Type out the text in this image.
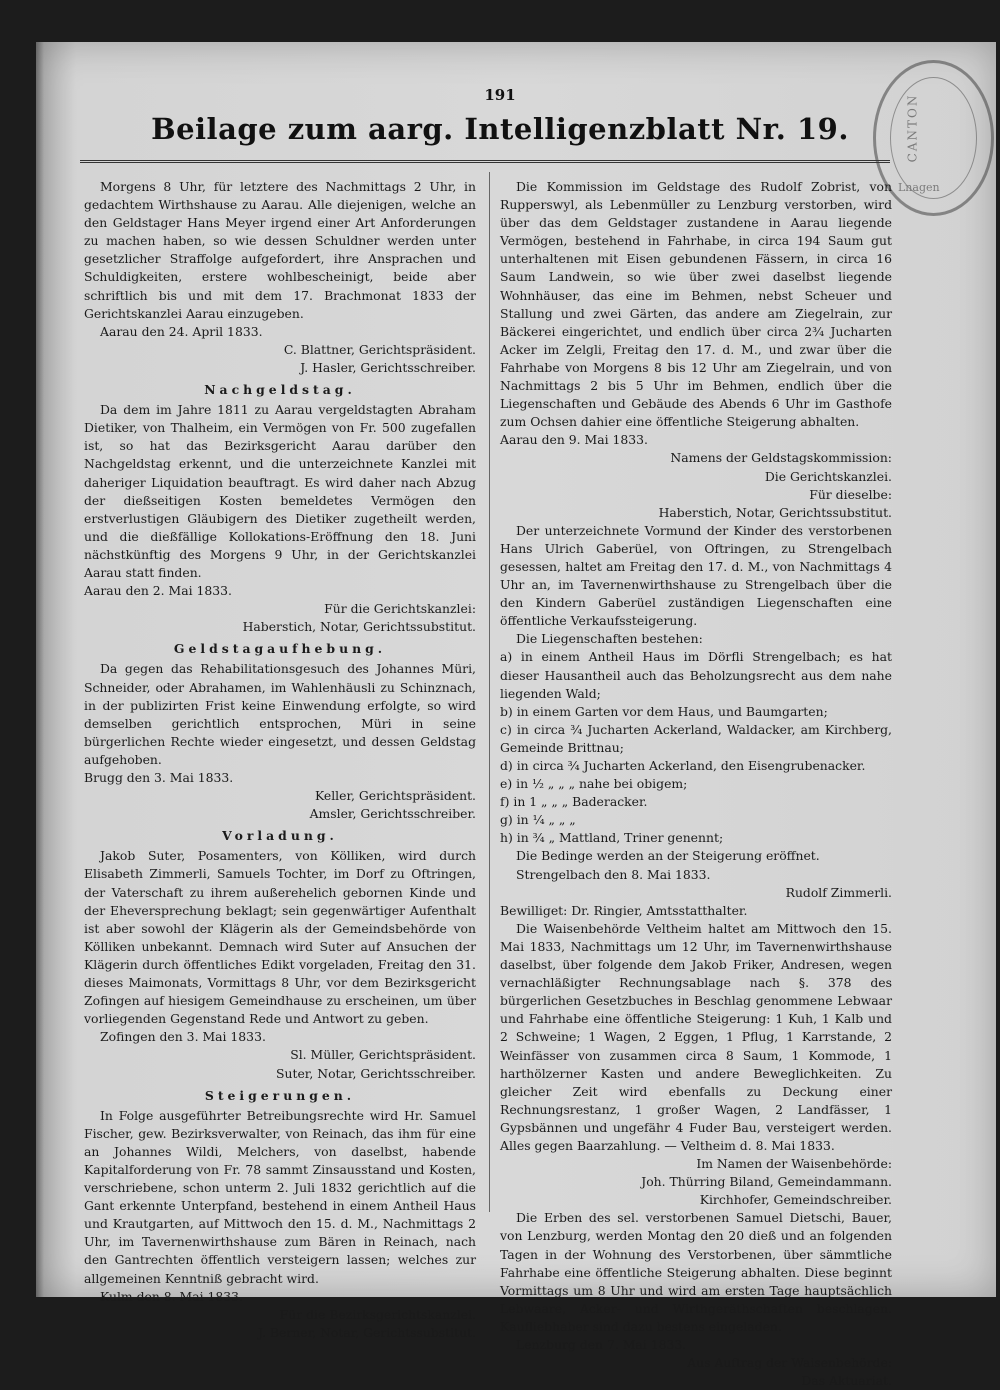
CANTON
Lnagen
191
Beilage zum aarg. Intelligenzblatt Nr. 19.

Morgens 8 Uhr, für letztere des Nachmittags 2 Uhr, in gedachtem Wirthshause zu Aarau. Alle diejenigen, welche an den Geldstager Hans Meyer irgend einer Art Anforderungen zu machen haben, so wie dessen Schuldner werden unter gesetzlicher Straffolge aufgefordert, ihre Ansprachen und Schuldigkeiten, erstere wohlbescheinigt, beide aber schriftlich bis und mit dem 17. Brachmonat 1833 der Gerichtskanzlei Aarau einzugeben.

Aarau den 24. April 1833.

C. Blattner, Gerichtspräsident.

J. Hasler, Gerichtsschreiber.

Nachgeldstag.

Da dem im Jahre 1811 zu Aarau vergeldstagten Abraham Dietiker, von Thalheim, ein Vermögen von Fr. 500 zugefallen ist, so hat das Bezirksgericht Aarau darüber den Nachgeldstag erkennt, und die unterzeichnete Kanzlei mit daheriger Liquidation beauftragt. Es wird daher nach Abzug der dießseitigen Kosten bemeldetes Vermögen den erstverlustigen Gläubigern des Dietiker zugetheilt werden, und die dießfällige Kollokations-Eröffnung den 18. Juni nächstkünftig des Morgens 9 Uhr, in der Gerichtskanzlei Aarau statt finden.

Aarau den 2. Mai 1833.

Für die Gerichtskanzlei:

Haberstich, Notar, Gerichtssubstitut.

Geldstagaufhebung.

Da gegen das Rehabilitationsgesuch des Johannes Müri, Schneider, oder Abrahamen, im Wahlenhäusli zu Schinznach, in der publizirten Frist keine Einwendung erfolgte, so wird demselben gerichtlich entsprochen, Müri in seine bürgerlichen Rechte wieder eingesetzt, und dessen Geldstag aufgehoben.

Brugg den 3. Mai 1833.

Keller, Gerichtspräsident.

Amsler, Gerichtsschreiber.

Vorladung.

Jakob Suter, Posamenters, von Kölliken, wird durch Elisabeth Zimmerli, Samuels Tochter, im Dorf zu Oftringen, der Vaterschaft zu ihrem außerehelich gebornen Kinde und der Eheversprechung beklagt; sein gegenwärtiger Aufenthalt ist aber sowohl der Klägerin als der Gemeindsbehörde von Kölliken unbekannt. Demnach wird Suter auf Ansuchen der Klägerin durch öffentliches Edikt vorgeladen, Freitag den 31. dieses Maimonats, Vormittags 8 Uhr, vor dem Bezirksgericht Zofingen auf hiesigem Gemeindhause zu erscheinen, um über vorliegenden Gegenstand Rede und Antwort zu geben.

Zofingen den 3. Mai 1833.

Sl. Müller, Gerichtspräsident.

Suter, Notar, Gerichtsschreiber.

Steigerungen.

In Folge ausgeführter Betreibungsrechte wird Hr. Samuel Fischer, gew. Bezirksverwalter, von Reinach, das ihm für eine an Johannes Wildi, Melchers, von daselbst, habende Kapitalforderung von Fr. 78 sammt Zinsausstand und Kosten, verschriebene, schon unterm 2. Juli 1832 gerichtlich auf die Gant erkennte Unterpfand, bestehend in einem Antheil Haus und Krautgarten, auf Mittwoch den 15. d. M., Nachmittags 2 Uhr, im Tavernenwirthshause zum Bären in Reinach, nach den Gantrechten öffentlich versteigern lassen; welches zur allgemeinen Kenntniß gebracht wird.

Kulm den 8. Mai 1833.

Für die Bezirksgerichtskanzlei.

J. Berner, Notar, Gerichtssubstitut.

Die Kommission im Geldstage des Rudolf Zobrist, von Rupperswyl, als Lebenmüller zu Lenzburg verstorben, wird über das dem Geldstager zustandene in Aarau liegende Vermögen, bestehend in Fahrhabe, in circa 194 Saum gut unterhaltenen mit Eisen gebundenen Fässern, in circa 16 Saum Landwein, so wie über zwei daselbst liegende Wohnhäuser, das eine im Behmen, nebst Scheuer und Stallung und zwei Gärten, das andere am Ziegelrain, zur Bäckerei eingerichtet, und endlich über circa 2¾ Jucharten Acker im Zelgli, Freitag den 17. d. M., und zwar über die Fahrhabe von Morgens 8 bis 12 Uhr am Ziegelrain, und von Nachmittags 2 bis 5 Uhr im Behmen, endlich über die Liegenschaften und Gebäude des Abends 6 Uhr im Gasthofe zum Ochsen dahier eine öffentliche Steigerung abhalten.

Aarau den 9. Mai 1833.

Namens der Geldstagskommission:

Die Gerichtskanzlei.

Für dieselbe:

Haberstich, Notar, Gerichtssubstitut.

Der unterzeichnete Vormund der Kinder des verstorbenen Hans Ulrich Gaberüel, von Oftringen, zu Strengelbach gesessen, haltet am Freitag den 17. d. M., von Nachmittags 4 Uhr an, im Tavernenwirthshause zu Strengelbach über die den Kindern Gaberüel zuständigen Liegenschaften eine öffentliche Verkaufssteigerung.

Die Liegenschaften bestehen:

a) in einem Antheil Haus im Dörfli Strengelbach; es hat dieser Hausantheil auch das Beholzungsrecht aus dem nahe liegenden Wald;

b) in einem Garten vor dem Haus, und Baumgarten;

c) in circa ¾ Jucharten Ackerland, Waldacker, am Kirchberg, Gemeinde Brittnau;

d) in circa ¾ Jucharten Ackerland, den Eisengrubenacker.

e) in ½ „ „ „ nahe bei obigem;

f) in 1 „ „ „ Baderacker.

g) in ¼ „ „ „

h) in ¾ „ Mattland, Triner genennt;

Die Bedinge werden an der Steigerung eröffnet.

Strengelbach den 8. Mai 1833.

Rudolf Zimmerli.

Bewilliget: Dr. Ringier, Amtsstatthalter.

Die Waisenbehörde Veltheim haltet am Mittwoch den 15. Mai 1833, Nachmittags um 12 Uhr, im Tavernenwirthshause daselbst, über folgende dem Jakob Friker, Andresen, wegen vernachläßigter Rechnungsablage nach §. 378 des bürgerlichen Gesetzbuches in Beschlag genommene Lebwaar und Fahrhabe eine öffentliche Steigerung: 1 Kuh, 1 Kalb und 2 Schweine; 1 Wagen, 2 Eggen, 1 Pflug, 1 Karrstande, 2 Weinfässer von zusammen circa 8 Saum, 1 Kommode, 1 harthölzerner Kasten und andere Beweglichkeiten. Zu gleicher Zeit wird ebenfalls zu Deckung einer Rechnungsrestanz, 1 großer Wagen, 2 Landfässer, 1 Gypsbännen und ungefähr 4 Fuder Bau, versteigert werden. Alles gegen Baarzahlung. — Veltheim d. 8. Mai 1833.

Im Namen der Waisenbehörde:

Joh. Thürring Biland, Gemeindammann.

Kirchhofer, Gemeindschreiber.

Die Erben des sel. verstorbenen Samuel Dietschi, Bauer, von Lenzburg, werden Montag den 20 dieß und an folgenden Tagen in der Wohnung des Verstorbenen, über sämmtliche Fahrhabe eine öffentliche Steigerung abhalten. Diese beginnt Vormittags um 8 Uhr und wird am ersten Tage hauptsächlich Lebwaare, Acker- und Wirthgeräthschaften beschlagen. Kaufliebhaber sind dazu bestens eingeladen.

Lenzburg den 7. Mai 1833.

Aus Auftrag der Waisenbehörde:

Das Aktuariat.
